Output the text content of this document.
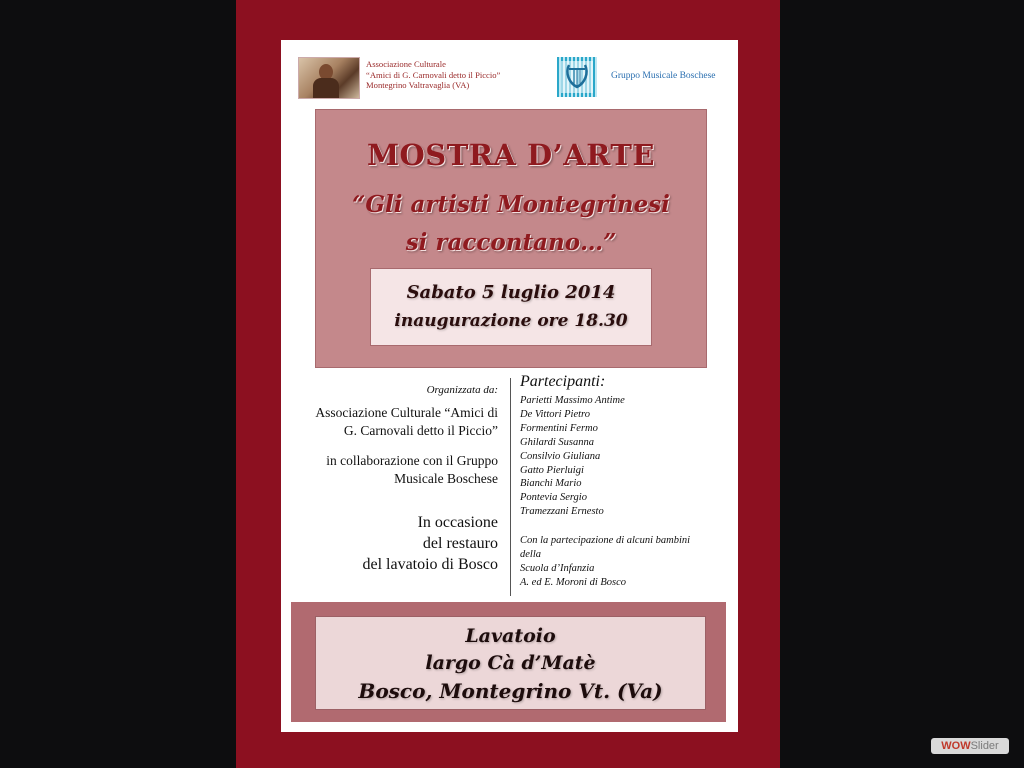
Associazione Culturale
“Amici di G. Carnovali detto il Piccio”
Montegrino Valtravaglia (VA)
Gruppo Musicale Boschese
MOSTRA D’ARTE
“Gli artisti Montegrinesi
si raccontano…”
Sabato 5 luglio 2014
inaugurazione ore 18.30
Organizzata da:
Associazione Culturale “Amici di
G. Carnovali detto il Piccio”
in collaborazione con il Gruppo
Musicale Boschese
In occasione
del restauro
del lavatoio di Bosco
Partecipanti:
Parietti Massimo Antime
De Vittori Pietro
Formentini Fermo
Ghilardi Susanna
Consilvio Giuliana
Gatto Pierluigi
Bianchi Mario
Pontevia Sergio
Tramezzani Ernesto
Con la partecipazione di alcuni bambini
della
Scuola d’Infanzia
A. ed E. Moroni di Bosco
Lavatoio
largo Cà d’Matè
Bosco, Montegrino Vt. (Va)
WOWSlider
